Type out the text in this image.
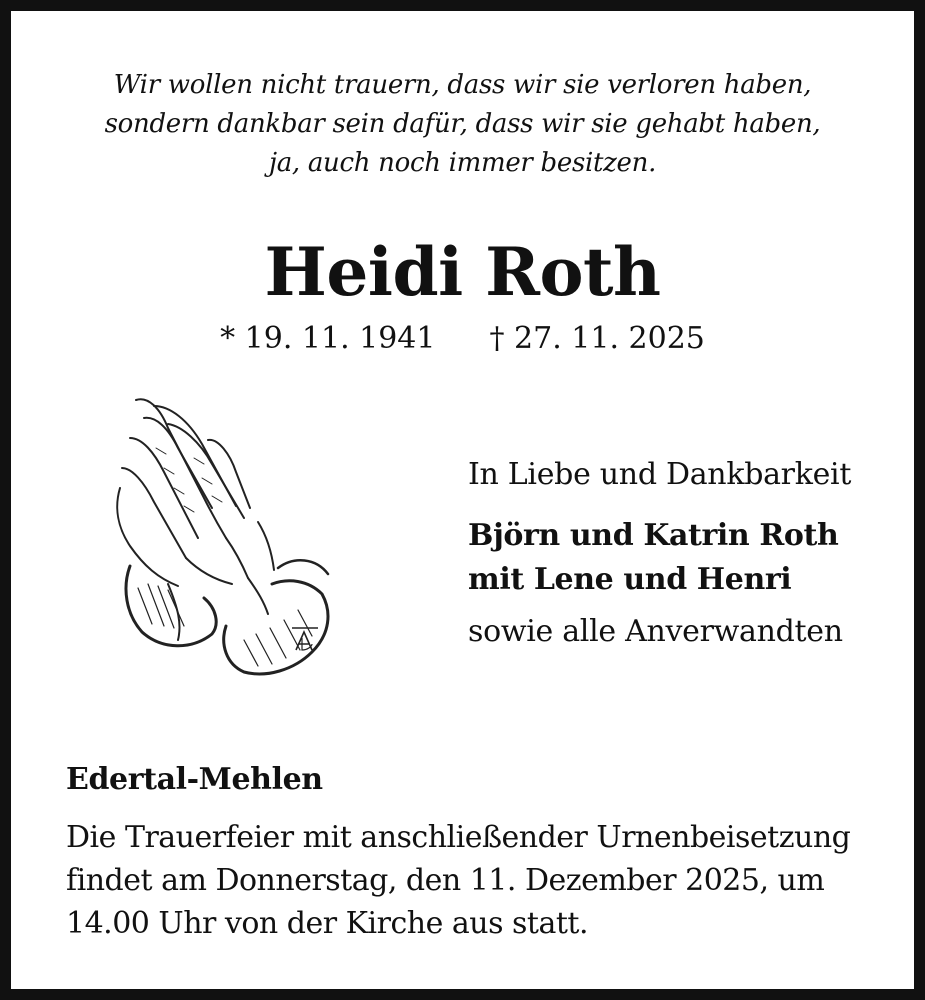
Wir wollen nicht trauern, dass wir sie verloren haben,
sondern dankbar sein dafür, dass wir sie gehabt haben,
ja, auch noch immer besitzen.
Heidi Roth
* 19. 11. 1941 † 27. 11. 2025
In Liebe und Dankbarkeit
Björn und Katrin Roth
mit Lene und Henri
sowie alle Anverwandten
Edertal-Mehlen
Die Trauerfeier mit anschließender Urnenbeisetzung
findet am Donnerstag, den 11. Dezember 2025, um
14.00 Uhr von der Kirche aus statt.
